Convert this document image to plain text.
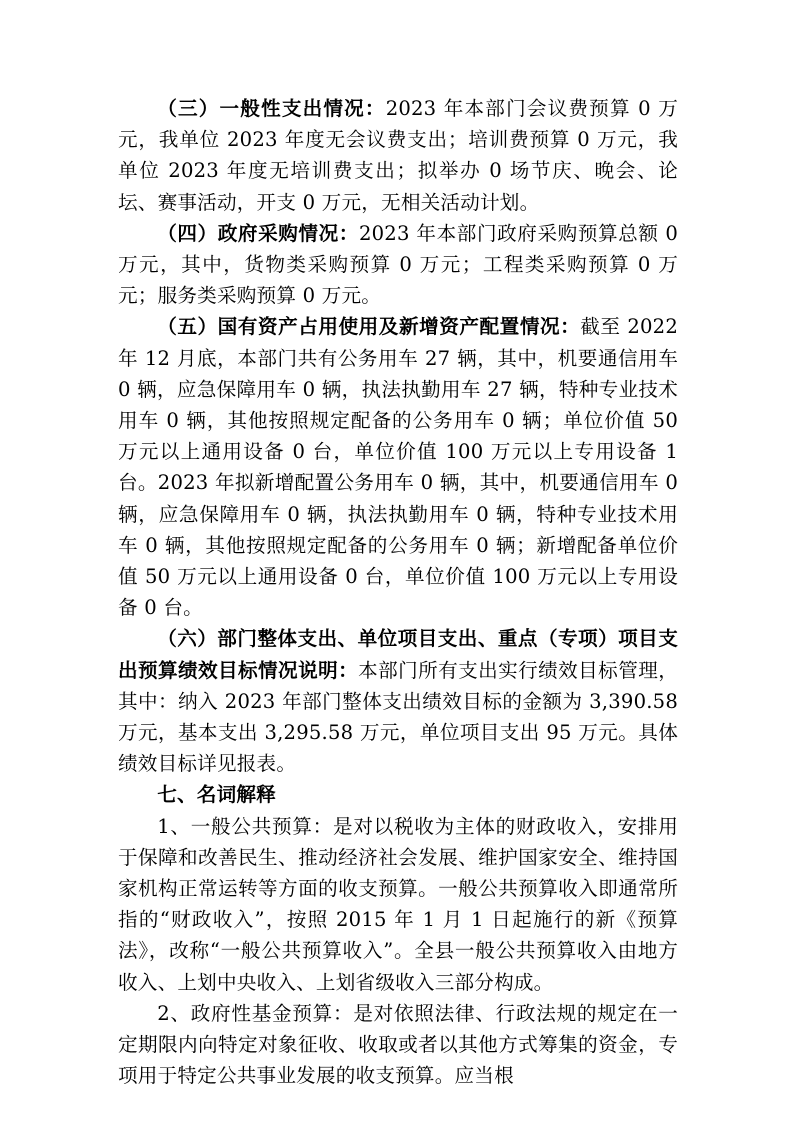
（三）一般性支出情况：2023 年本部门会议费预算 0 万元，我单位 2023 年度无会议费支出；培训费预算 0 万元，我单位 2023 年度无培训费支出；拟举办 0 场节庆、晚会、论坛、赛事活动，开支 0 万元，无相关活动计划。

（四）政府采购情况：2023 年本部门政府采购预算总额 0 万元，其中，货物类采购预算 0 万元；工程类采购预算 0 万元；服务类采购预算 0 万元。

（五）国有资产占用使用及新增资产配置情况：截至 2022 年 12 月底，本部门共有公务用车 27 辆，其中，机要通信用车 0 辆，应急保障用车 0 辆，执法执勤用车 27 辆，特种专业技术用车 0 辆，其他按照规定配备的公务用车 0 辆；单位价值 50 万元以上通用设备 0 台，单位价值 100 万元以上专用设备 1 台。2023 年拟新增配置公务用车 0 辆，其中，机要通信用车 0 辆，应急保障用车 0 辆，执法执勤用车 0 辆，特种专业技术用车 0 辆，其他按照规定配备的公务用车 0 辆；新增配备单位价值 50 万元以上通用设备 0 台，单位价值 100 万元以上专用设备 0 台。

（六）部门整体支出、单位项目支出、重点（专项）项目支出预算绩效目标情况说明：本部门所有支出实行绩效目标管理，其中：纳入 2023 年部门整体支出绩效目标的金额为 3,390.58 万元，基本支出 3,295.58 万元，单位项目支出 95 万元。具体绩效目标详见报表。

七、名词解释

1、一般公共预算：是对以税收为主体的财政收入，安排用于保障和改善民生、推动经济社会发展、维护国家安全、维持国家机构正常运转等方面的收支预算。一般公共预算收入即通常所指的“财政收入”，按照 2015 年 1 月 1 日起施行的新《预算法》，改称“一般公共预算收入”。全县一般公共预算收入由地方收入、上划中央收入、上划省级收入三部分构成。

2、政府性基金预算：是对依照法律、行政法规的规定在一定期限内向特定对象征收、收取或者以其他方式筹集的资金，专项用于特定公共事业发展的收支预算。应当根
